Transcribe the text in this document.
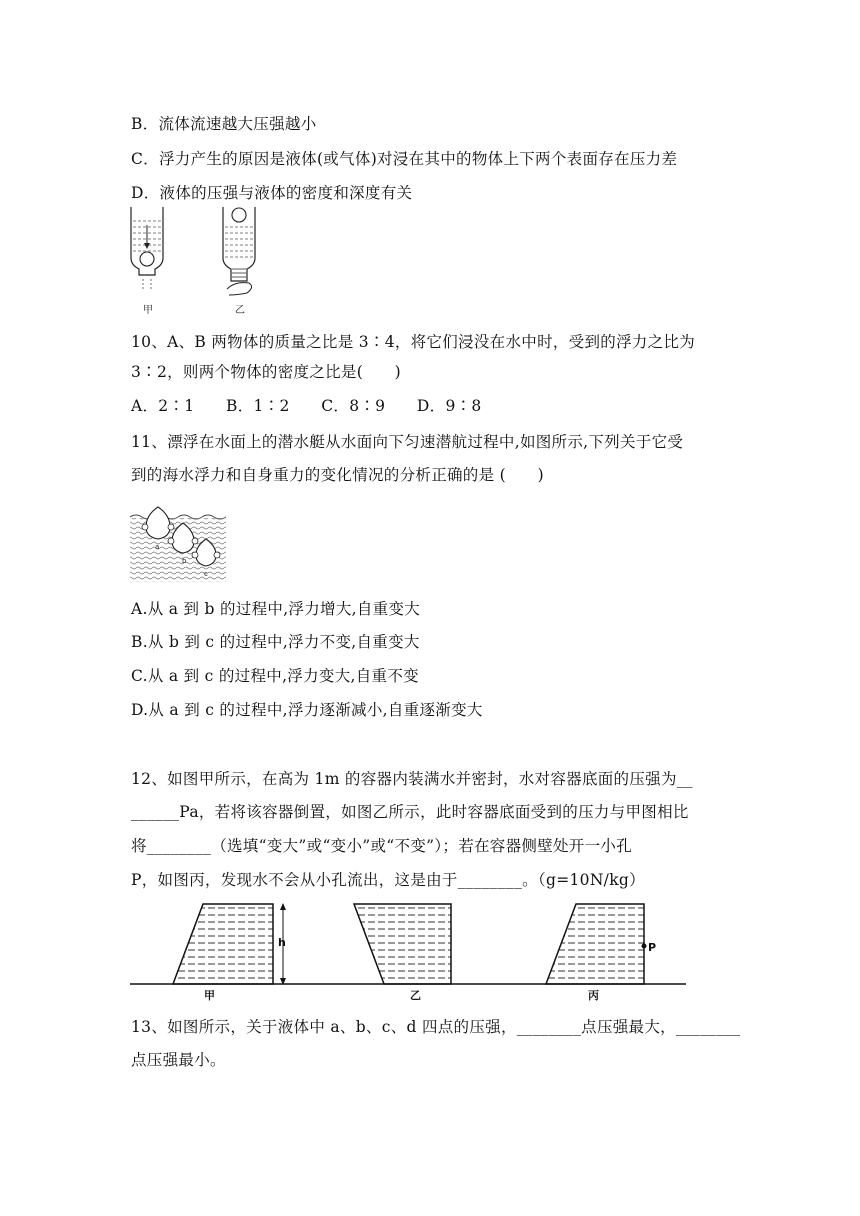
B．流体流速越大压强越小
C．浮力产生的原因是液体(或气体)对浸在其中的物体上下两个表面存在压力差
D．液体的压强与液体的密度和深度有关
甲	乙
10、A、B 两物体的质量之比是 3∶4，将它们浸没在水中时，受到的浮力之比为
3∶2，则两个物体的密度之比是(　　)
A．2∶1　　B．1∶2　　C．8∶9　　D．9∶8
11、漂浮在水面上的潜水艇从水面向下匀速潜航过程中,如图所示,下列关于它受
到的海水浮力和自身重力的变化情况的分析正确的是 (　　)
a
b
c
A.从 a 到 b 的过程中,浮力增大,自重变大
B.从 b 到 c 的过程中,浮力不变,自重变大
C.从 a 到 c 的过程中,浮力变大,自重不变
D.从 a 到 c 的过程中,浮力逐渐减小,自重逐渐变大
12、如图甲所示，在高为 1m 的容器内装满水并密封，水对容器底面的压强为__
______Pa，若将该容器倒置，如图乙所示，此时容器底面受到的压力与甲图相比
将________（选填“变大”或“变小”或“不变”）；若在容器侧壁处开一小孔
P，如图丙，发现水不会从小孔流出，这是由于________。（g=10N/kg）
h
甲	乙
P
丙
13、如图所示，关于液体中 a、b、c、d 四点的压强，________点压强最大，________
点压强最小。
